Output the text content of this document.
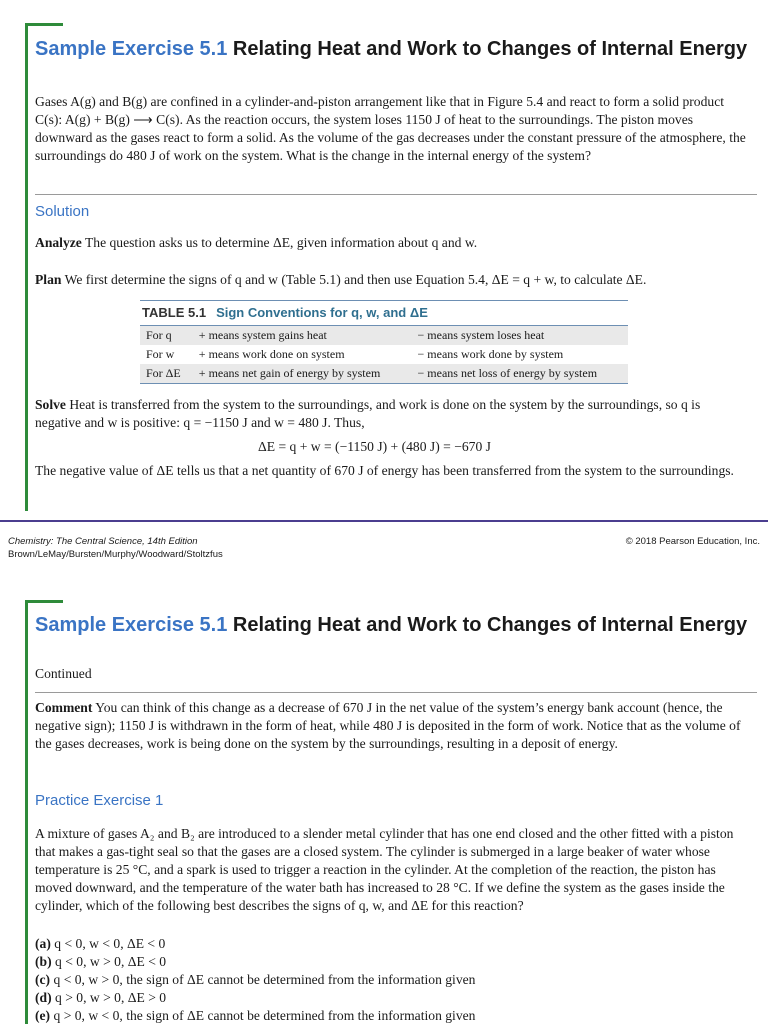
Sample Exercise 5.1 Relating Heat and Work to Changes of Internal Energy
Gases A(g) and B(g) are confined in a cylinder-and-piston arrangement like that in Figure 5.4 and react to form a solid product C(s): A(g) + B(g) ⟶ C(s). As the reaction occurs, the system loses 1150 J of heat to the surroundings. The piston moves downward as the gases react to form a solid. As the volume of the gas decreases under the constant pressure of the atmosphere, the surroundings do 480 J of work on the system. What is the change in the internal energy of the system?
Solution
Analyze The question asks us to determine ΔE, given information about q and w.
Plan We first determine the signs of q and w (Table 5.1) and then use Equation 5.4, ΔE = q + w, to calculate ΔE.
TABLE 5.1 Sign Conventions for q, w, and ΔE
For q	+ means system gains heat	− means system loses heat
For w	+ means work done on system	− means work done by system
For ΔE	+ means net gain of energy by system	− means net loss of energy by system
Solve Heat is transferred from the system to the surroundings, and work is done on the system by the surroundings, so q is negative and w is positive: q = −1150 J and w = 480 J. Thus,
ΔE = q + w = (−1150 J) + (480 J) = −670 J
The negative value of ΔE tells us that a net quantity of 670 J of energy has been transferred from the system to the surroundings.
Chemistry: The Central Science, 14th Edition
Brown/LeMay/Bursten/Murphy/Woodward/Stoltzfus
© 2018 Pearson Education, Inc.
Sample Exercise 5.1 Relating Heat and Work to Changes of Internal Energy
Continued
Comment You can think of this change as a decrease of 670 J in the net value of the system’s energy bank account (hence, the negative sign); 1150 J is withdrawn in the form of heat, while 480 J is deposited in the form of work. Notice that as the volume of the gases decreases, work is being done on the system by the surroundings, resulting in a deposit of energy.
Practice Exercise 1
A mixture of gases A₂ and B₂ are introduced to a slender metal cylinder that has one end closed and the other fitted with a piston that makes a gas-tight seal so that the gases are a closed system. The cylinder is submerged in a large beaker of water whose temperature is 25 °C, and a spark is used to trigger a reaction in the cylinder. At the completion of the reaction, the piston has moved downward, and the temperature of the water bath has increased to 28 °C. If we define the system as the gases inside the cylinder, which of the following best describes the signs of q, w, and ΔE for this reaction?
(a) q < 0, w < 0, ΔE < 0
(b) q < 0, w > 0, ΔE < 0
(c) q < 0, w > 0, the sign of ΔE cannot be determined from the information given
(d) q > 0, w > 0, ΔE > 0
(e) q > 0, w < 0, the sign of ΔE cannot be determined from the information given
